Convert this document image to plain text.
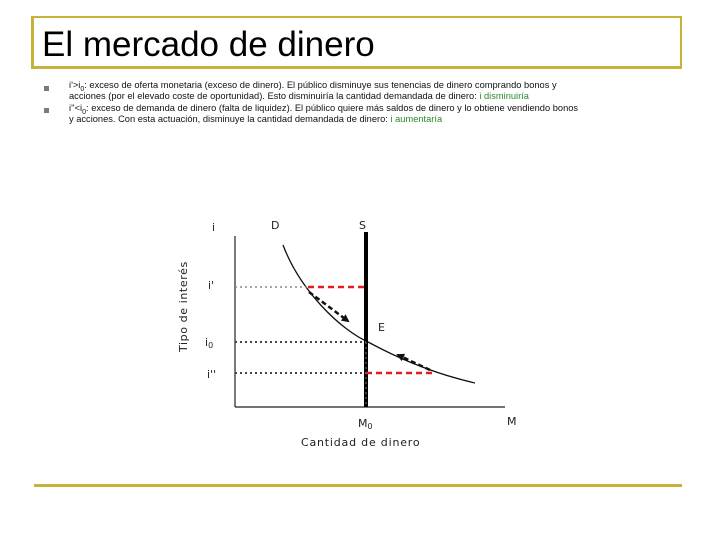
El mercado de dinero
$i'>i_0$: exceso de oferta monetaria (exceso de dinero). El público disminuye sus tenencias de dinero comprando bonos y
acciones (por el elevado coste de oportunidad). Esto disminuiría la cantidad demandada de dinero: i disminuiría
$i''<i_0$: exceso de demanda de dinero (falta de liquidez). El público quiere más saldos de dinero y lo obtiene vendiendo bonos
y acciones. Con esta actuación, disminuye la cantidad demandada de dinero: i aumentaría
i	D	S
i'
E
i0
i''
M0	M
Cantidad de dinero
Tipo de interés
